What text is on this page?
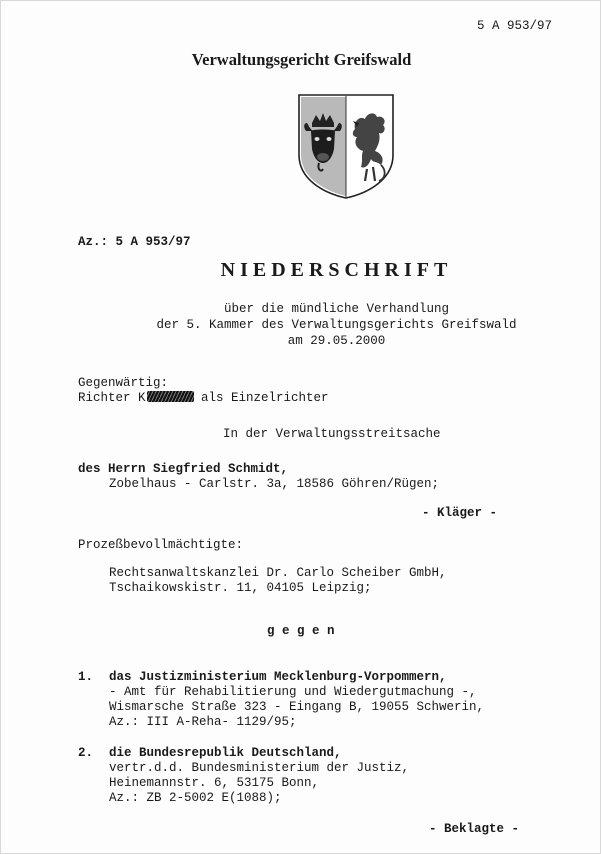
5 A 953/97
Verwaltungsgericht Greifswald
Az.: 5 A 953/97
NIEDERSCHRIFT
über die mündliche Verhandlung
der 5. Kammer des Verwaltungsgerichts Greifswald
am 29.05.2000
Gegenwärtig:
Richter K	als Einzelrichter
In der Verwaltungsstreitsache
des Herrn Siegfried Schmidt,
Zobelhaus - Carlstr. 3a, 18586 Göhren/Rügen;
- Kläger -
Prozeßbevollmächtigte:
Rechtsanwaltskanzlei Dr. Carlo Scheiber GmbH,
Tschaikowskistr. 11, 04105 Leipzig;
g e g e n
1. das Justizministerium Mecklenburg-Vorpommern,
- Amt für Rehabilitierung und Wiedergutmachung -,
Wismarsche Straße 323 - Eingang B, 19055 Schwerin,
Az.: III A-Reha- 1129/95;
2. die Bundesrepublik Deutschland,
vertr.d.d. Bundesministerium der Justiz,
Heinemannstr. 6, 53175 Bonn,
Az.: ZB 2-5002 E(1088);
- Beklagte -
